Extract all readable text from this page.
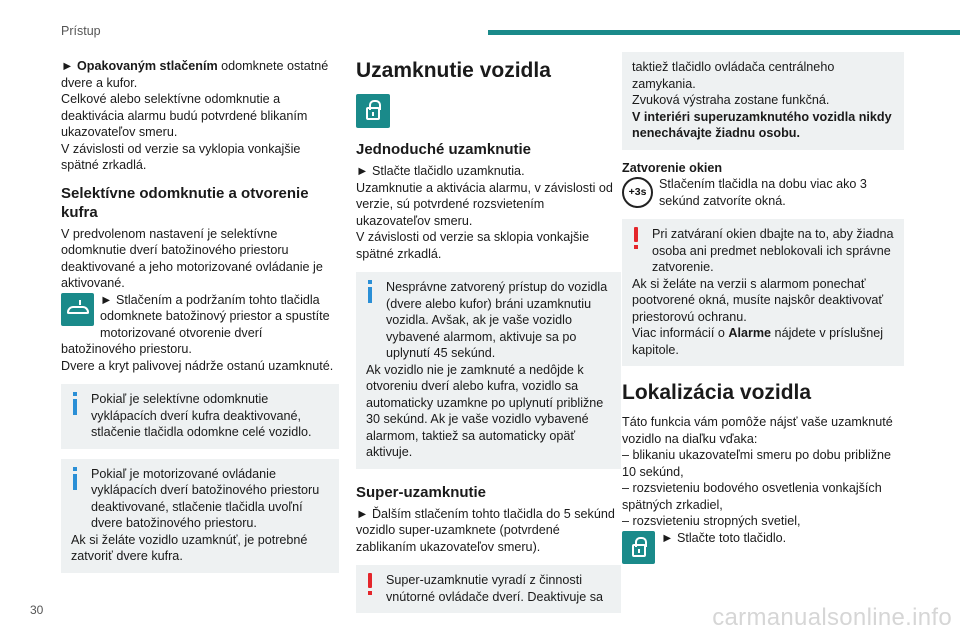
Prístup

► Opakovaným stlačením odomknete ostatné dvere a kufor.

Celkové alebo selektívne odomknutie a deaktivácia alarmu budú potvrdené blikaním ukazovateľov smeru.

V závislosti od verzie sa vyklopia vonkajšie spätné zrkadlá.

Selektívne odomknutie a otvorenie kufra

V predvolenom nastavení je selektívne odomknutie dverí batožinového priestoru deaktivované a jeho motorizované ovládanie je aktivované.

► Stlačením a podržaním tohto tlačidla odomknete batožinový priestor a spustíte motorizované otvorenie dverí batožinového priestoru.

Dvere a kryt palivovej nádrže ostanú uzamknuté.

Pokiaľ je selektívne odomknutie vyklápacích dverí kufra deaktivované, stlačenie tlačidla odomkne celé vozidlo.

Pokiaľ je motorizované ovládanie vyklápacích dverí batožinového priestoru deaktivované, stlačenie tlačidla uvoľní dvere batožinového priestoru.

Ak si želáte vozidlo uzamknúť, je potrebné zatvoriť dvere kufra.

Uzamknutie vozidla
Jednoduché uzamknutie

► Stlačte tlačidlo uzamknutia.

Uzamknutie a aktivácia alarmu, v závislosti od verzie, sú potvrdené rozsvietením ukazovateľov smeru.

V závislosti od verzie sa sklopia vonkajšie spätné zrkadlá.

Nesprávne zatvorený prístup do vozidla (dvere alebo kufor) bráni uzamknutiu vozidla. Avšak, ak je vaše vozidlo vybavené alarmom, aktivuje sa po uplynutí 45 sekúnd.

Ak vozidlo nie je zamknuté a nedôjde k otvoreniu dverí alebo kufra, vozidlo sa automaticky uzamkne po uplynutí približne 30 sekúnd. Ak je vaše vozidlo vybavené alarmom, taktiež sa automaticky opäť aktivuje.

Super-uzamknutie

► Ďalším stlačením tohto tlačidla do 5 sekúnd vozidlo super-uzamknete (potvrdené zablikaním ukazovateľov smeru).

Super-uzamknutie vyradí z činnosti vnútorné ovládače dverí. Deaktivuje sa

taktiež tlačidlo ovládača centrálneho zamykania.

Zvuková výstraha zostane funkčná.

V interiéri superuzamknutého vozidla nikdy nenechávajte žiadnu osobu.

Zatvorenie okien
+3s

Stlačením tlačidla na dobu viac ako 3 sekúnd zatvoríte okná.

Pri zatváraní okien dbajte na to, aby žiadna osoba ani predmet neblokovali ich správne zatvorenie.

Ak si želáte na verzii s alarmom ponechať pootvorené okná, musíte najskôr deaktivovať priestorovú ochranu.

Viac informácií o Alarme nájdete v príslušnej kapitole.

Lokalizácia vozidla

Táto funkcia vám pomôže nájsť vaše uzamknuté vozidlo na diaľku vďaka:

– blikaniu ukazovateľmi smeru po dobu približne 10 sekúnd,

– rozsvieteniu bodového osvetlenia vonkajších spätných zrkadiel,

– rozsvieteniu stropných svetiel,

► Stlačte toto tlačidlo.

30	carmanualsonline.info
